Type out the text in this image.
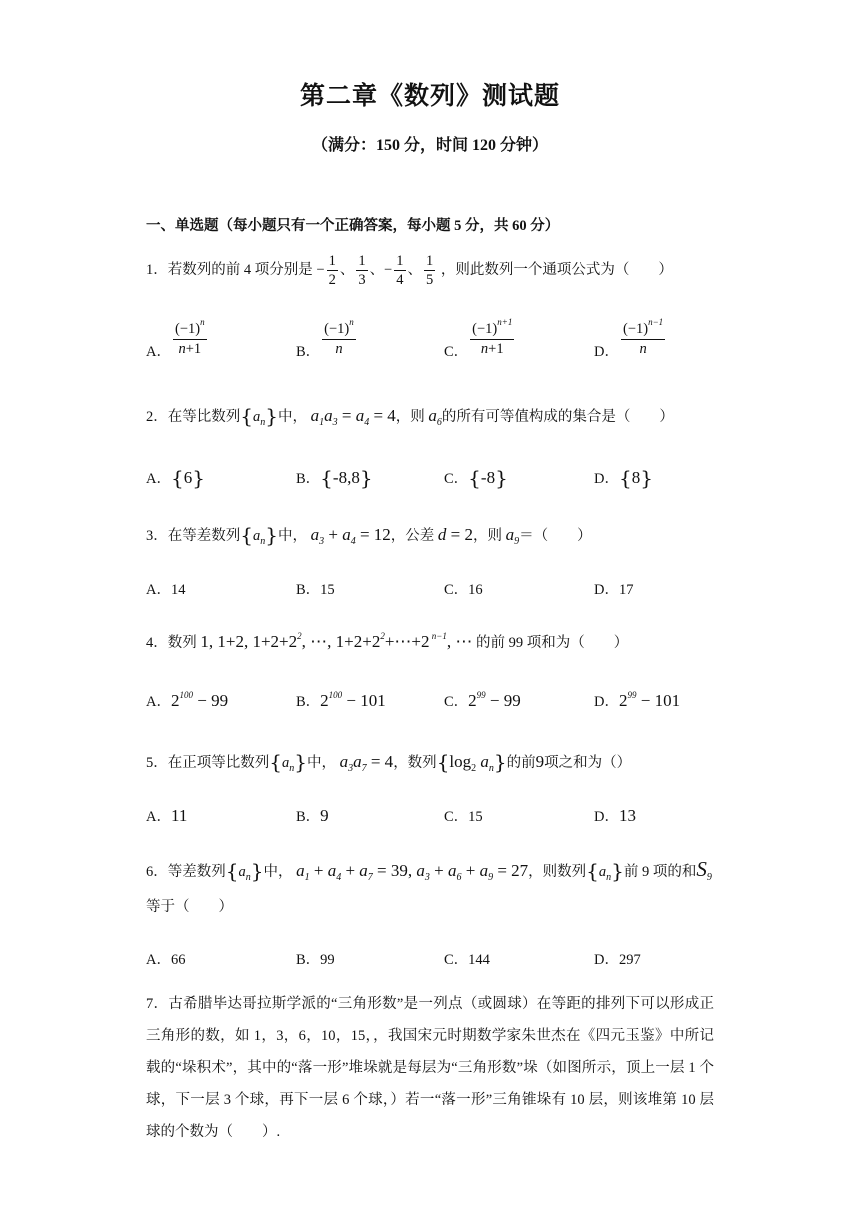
第二章《数列》测试题
（满分：150 分，时间 120 分钟）
一、单选题（每小题只有一个正确答案，每小题 5 分，共 60 分）
1．若数列的前 4 项分别是 − $\frac{1}{2}$ 、 $\frac{1}{3}$ 、− $\frac{1}{4}$ 、 $\frac{1}{5}$ ，则此数列一个通项公式为（　　）
A． $\frac{(-1)^n}{n+1}$	B． $\frac{(-1)^n}{n}$	C． $\frac{(-1)^{n+1}}{n+1}$	D． $\frac{(-1)^{n-1}}{n}$
2．在等比数列$\{a_n\}$中， $a_1a_3 = a_4 = 4$，则 $a_6$的所有可等值构成的集合是（　　）
A．{6}	B．{-8,8}	C．{-8}	D．{8}
3．在等差数列$\{a_n\}$中， $a_3 + a_4 = 12$，公差 d = 2，则 $a_9=$（　　）
A．14	B．15	C．16	D．17
4．数列 1, 1+2, $1+2+2^2$, ⋯, $1+2+2^2+\cdots+2$ $^{n-1}$, ⋯ 的前 99 项和为（　　）
A．$2^{100} - 99$	B．$2^{100} - 101$	C．$2^{99} - 99$	D．$2^{99} - 101$
5．在正项等比数列$\{a_n\}$中， $a_3a_7 = 4$，数列{$\log_2$ $a_n$}的前9项之和为（）
A．11	B．9	C．15	D．13
6．等差数列$\{a_n\}$中， $a_1 + a_4 + a_7 = 39$, $a_3 + a_6 + a_9 = 27$，则数列$\{a_n\}$前 9 项的和$S_9$
等于（　　）
A．66	B．99	C．144	D．297
7．古希腊毕达哥拉斯学派的“三角形数”是一列点（或圆球）在等距的排列下可以形成正三角形的数，如 1，3，6，10，15，，我国宋元时期数学家朱世杰在《四元玉鉴》中所记载的“垛积术”，其中的“落一形”堆垛就是每层为“三角形数”垛（如图所示，顶上一层 1 个球，下一层 3 个球，再下一层 6 个球，）若一“落一形”三角锥垛有 10 层，则该堆第 10 层球的个数为（　　）.
